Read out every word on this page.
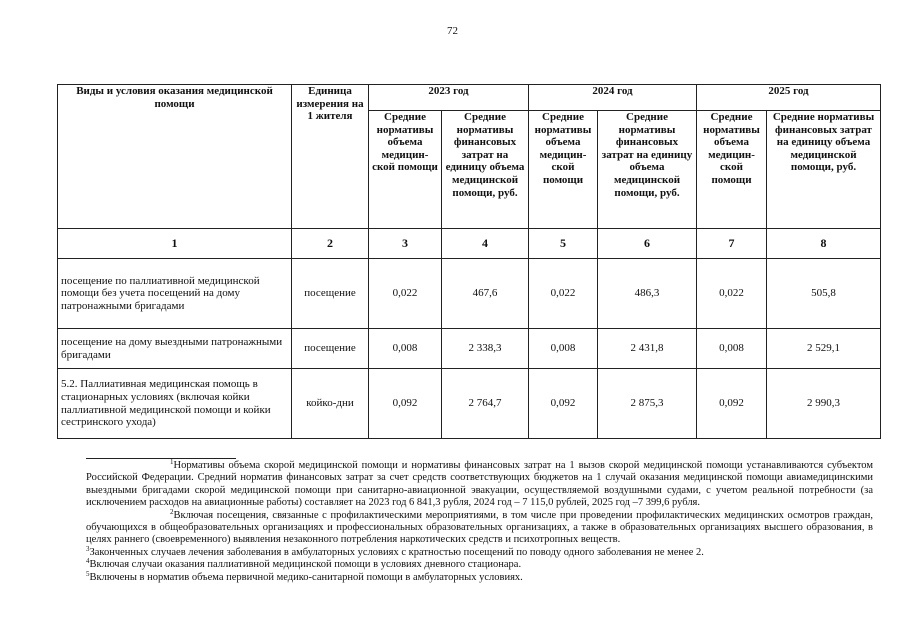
72
Виды и условия оказания медицинской помощи	Единица измерения на 1 жителя	2023 год		2024 год		2025 год	
		Средние нормативы объема медицин-ской помощи	Средние нормативы финансовых затрат на единицу объема медицинской помощи, руб.	Средние нормативы объема медицин-ской помощи	Средние нормативы финансовых затрат на единицу объема медицинской помощи, руб.	Средние нормативы объема медицин-ской помощи	Средние нормативы финансовых затрат на единицу объема медицинской помощи, руб.
1	2	3	4	5	6	7	8
посещение по паллиативной медицинской помощи без учета посещений на дому патронажными бригадами	посещение	0,022	467,6	0,022	486,3	0,022	505,8
посещение на дому выездными патронажными бригадами	посещение	0,008	2 338,3	0,008	2 431,8	0,008	2 529,1
5.2. Паллиативная медицинская помощь в стационарных условиях (включая койки паллиативной медицинской помощи и койки сестринского ухода)	койко-дни	0,092	2 764,7	0,092	2 875,3	0,092	2 990,3

$^1$Нормативы объема скорой медицинской помощи и нормативы финансовых затрат на 1 вызов скорой медицинской помощи устанавливаются субъектом Российской Федерации. Средний норматив финансовых затрат за счет средств соответствующих бюджетов на 1 случай оказания медицинской помощи авиамедицинскими выездными бригадами скорой медицинской помощи при санитарно-авиационной эвакуации, осуществляемой воздушными судами, с учетом реальной потребности (за исключением расходов на авиационные работы) составляет на 2023 год 6 841,3 рубля, 2024 год – 7 115,0 рублей, 2025 год –7 399,6 рубля.

$^2$Включая посещения, связанные с профилактическими мероприятиями, в том числе при проведении профилактических медицинских осмотров граждан, обучающихся в общеобразовательных организациях и профессиональных образовательных организациях, а также в образовательных организациях высшего образования, в целях раннего (своевременного) выявления незаконного потребления наркотических средств и психотропных веществ.

$^3$Законченных случаев лечения заболевания в амбулаторных условиях с кратностью посещений по поводу одного заболевания не менее 2.

$^4$Включая случаи оказания паллиативной медицинской помощи в условиях дневного стационара.

$^5$Включены в норматив объема первичной медико-санитарной помощи в амбулаторных условиях.
